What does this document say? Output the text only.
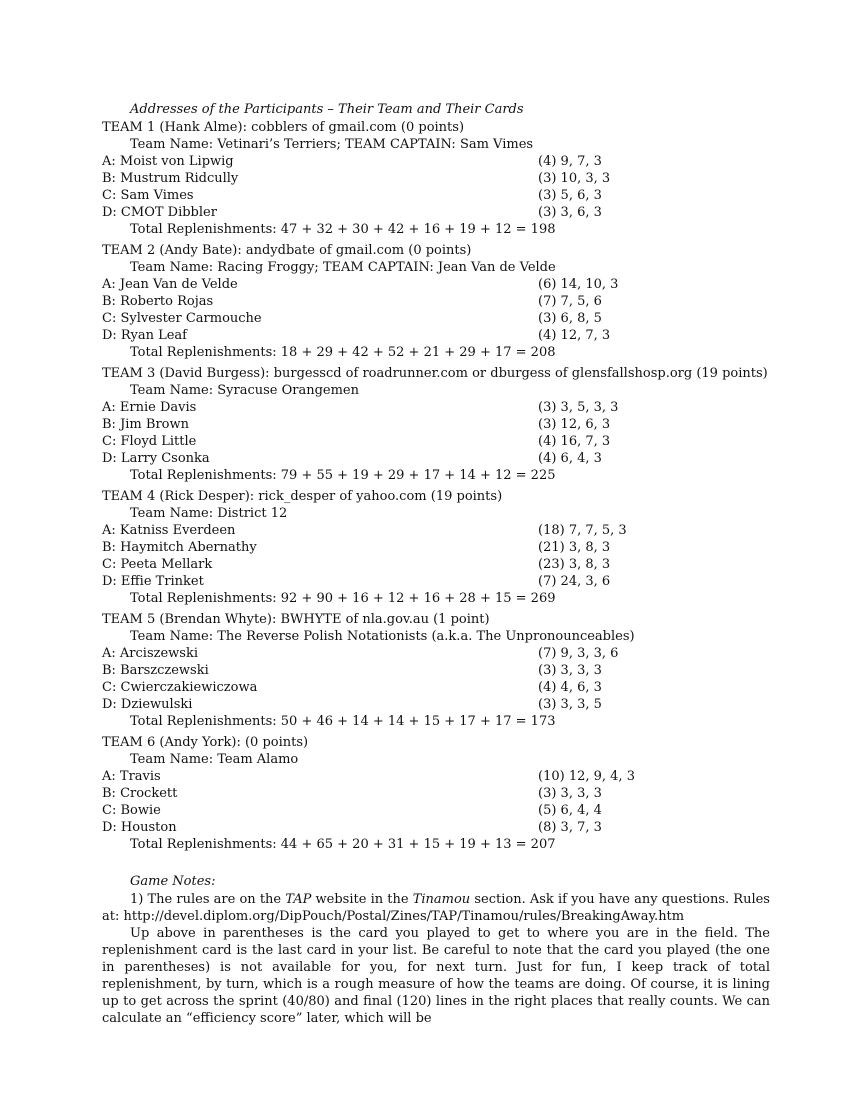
Addresses of the Participants – Their Team and Their Cards
TEAM 1 (Hank Alme): cobblers of gmail.com (0 points)
Team Name: Vetinari’s Terriers; TEAM CAPTAIN: Sam Vimes
A: Moist von Lipwig	(4) 9, 7, 3
B: Mustrum Ridcully	(3) 10, 3, 3
C: Sam Vimes	(3) 5, 6, 3
D: CMOT Dibbler	(3) 3, 6, 3
Total Replenishments: 47 + 32 + 30 + 42 + 16 + 19 + 12 = 198
TEAM 2 (Andy Bate): andydbate of gmail.com (0 points)
Team Name: Racing Froggy; TEAM CAPTAIN: Jean Van de Velde
A: Jean Van de Velde	(6) 14, 10, 3
B: Roberto Rojas	(7) 7, 5, 6
C: Sylvester Carmouche	(3) 6, 8, 5
D: Ryan Leaf	(4) 12, 7, 3
Total Replenishments: 18 + 29 + 42 + 52 + 21 + 29 + 17 = 208
TEAM 3 (David Burgess): burgesscd of roadrunner.com or dburgess of glensfallshosp.org (19 points)
Team Name: Syracuse Orangemen
A: Ernie Davis	(3) 3, 5, 3, 3
B: Jim Brown	(3) 12, 6, 3
C: Floyd Little	(4) 16, 7, 3
D: Larry Csonka	(4) 6, 4, 3
Total Replenishments: 79 + 55 + 19 + 29 + 17 + 14 + 12 = 225
TEAM 4 (Rick Desper): rick_desper of yahoo.com (19 points)
Team Name: District 12
A: Katniss Everdeen	(18) 7, 7, 5, 3
B: Haymitch Abernathy	(21) 3, 8, 3
C: Peeta Mellark	(23) 3, 8, 3
D: Effie Trinket	(7) 24, 3, 6
Total Replenishments: 92 + 90 + 16 + 12 + 16 + 28 + 15 = 269
TEAM 5 (Brendan Whyte): BWHYTE of nla.gov.au (1 point)
Team Name: The Reverse Polish Notationists (a.k.a. The Unpronounceables)
A: Arciszewski	(7) 9, 3, 3, 6
B: Barszczewski	(3) 3, 3, 3
C: Cwierczakiewiczowa	(4) 4, 6, 3
D: Dziewulski	(3) 3, 3, 5
Total Replenishments: 50 + 46 + 14 + 14 + 15 + 17 + 17 = 173
TEAM 6 (Andy York): (0 points)
Team Name: Team Alamo
A: Travis	(10) 12, 9, 4, 3
B: Crockett	(3) 3, 3, 3
C: Bowie	(5) 6, 4, 4
D: Houston	(8) 3, 7, 3
Total Replenishments: 44 + 65 + 20 + 31 + 15 + 19 + 13 = 207
Game Notes:

1) The rules are on the TAP website in the Tinamou section. Ask if you have any questions. Rules at: http://devel.diplom.org/DipPouch/Postal/Zines/TAP/Tinamou/rules/BreakingAway.htm

Up above in parentheses is the card you played to get to where you are in the field. The replenishment card is the last card in your list. Be careful to note that the card you played (the one in parentheses) is not available for you, for next turn. Just for fun, I keep track of total replenishment, by turn, which is a rough measure of how the teams are doing. Of course, it is lining up to get across the sprint (40/80) and final (120) lines in the right places that really counts. We can calculate an “efficiency score” later, which will be
